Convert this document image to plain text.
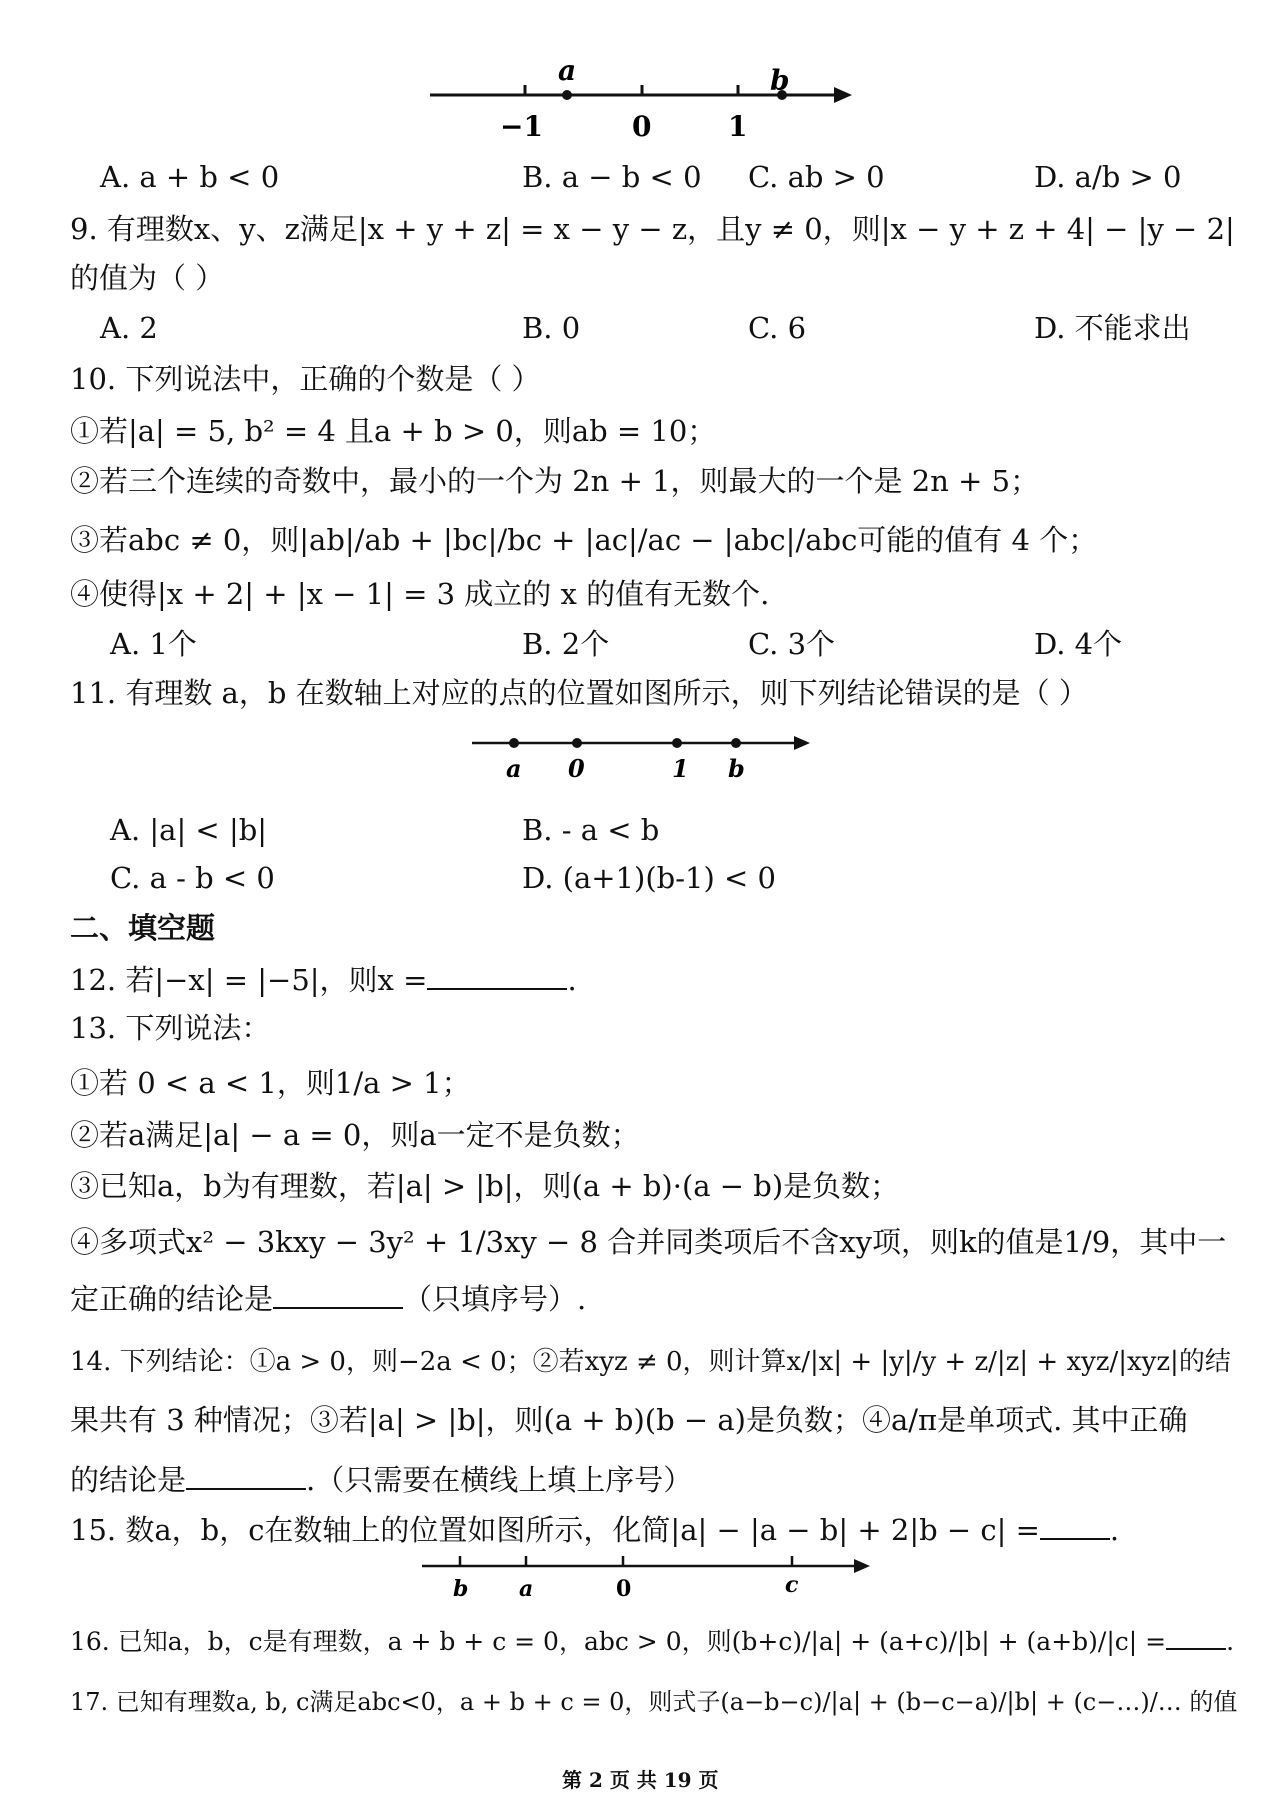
a	b
−1	0	1
A. a + b < 0	B. a − b < 0 C. ab > 0	D. a/b > 0
9. 有理数x、y、z满足|x + y + z| = x − y − z，且y ≠ 0，则|x − y + z + 4| − |y − 2|
的值为（ ）
A. 2	B. 0	C. 6	D. 不能求出
10. 下列说法中，正确的个数是（ ）
①若|a| = 5, b² = 4 且a + b > 0，则ab = 10；
②若三个连续的奇数中，最小的一个为 2n + 1，则最大的一个是 2n + 5；
③若abc ≠ 0，则|ab|/ab + |bc|/bc + |ac|/ac − |abc|/abc可能的值有 4 个；
④使得|x + 2| + |x − 1| = 3 成立的 x 的值有无数个.
A. 1个	B. 2个	C. 3个	D. 4个
11. 有理数 a，b 在数轴上对应的点的位置如图所示，则下列结论错误的是（ ）
a 0	1 b
A. |a| < |b|	B. - a < b
C. a - b < 0	D. (a+1)(b-1) < 0
二、填空题
12. 若|−x| = |−5|，则x =	.
13. 下列说法：
①若 0 < a < 1，则1/a > 1；
②若a满足|a| − a = 0，则a一定不是负数；
③已知a，b为有理数，若|a| > |b|，则(a + b)·(a − b)是负数；
④多项式x² − 3kxy − 3y² + 1/3xy − 8 合并同类项后不含xy项，则k的值是1/9，其中一
定正确的结论是	（只填序号）.
14. 下列结论：①a > 0，则−2a < 0；②若xyz ≠ 0，则计算x/|x| + |y|/y + z/|z| + xyz/|xyz|的结
果共有 3 种情况；③若|a| > |b|，则(a + b)(b − a)是负数；④a/π是单项式. 其中正确
的结论是	.（只需要在横线上填上序号）
15. 数a，b，c在数轴上的位置如图所示，化简|a| − |a − b| + 2|b − c| = .
b a	0	c
16. 已知a，b，c是有理数，a + b + c = 0，abc > 0，则(b+c)/|a| + (a+c)/|b| + (a+b)/|c| = .
17. 已知有理数a, b, c满足abc<0，a + b + c = 0，则式子(a−b−c)/|a| + (b−c−a)/|b| + (c−…)/… 的值
第 2 页 共 19 页
